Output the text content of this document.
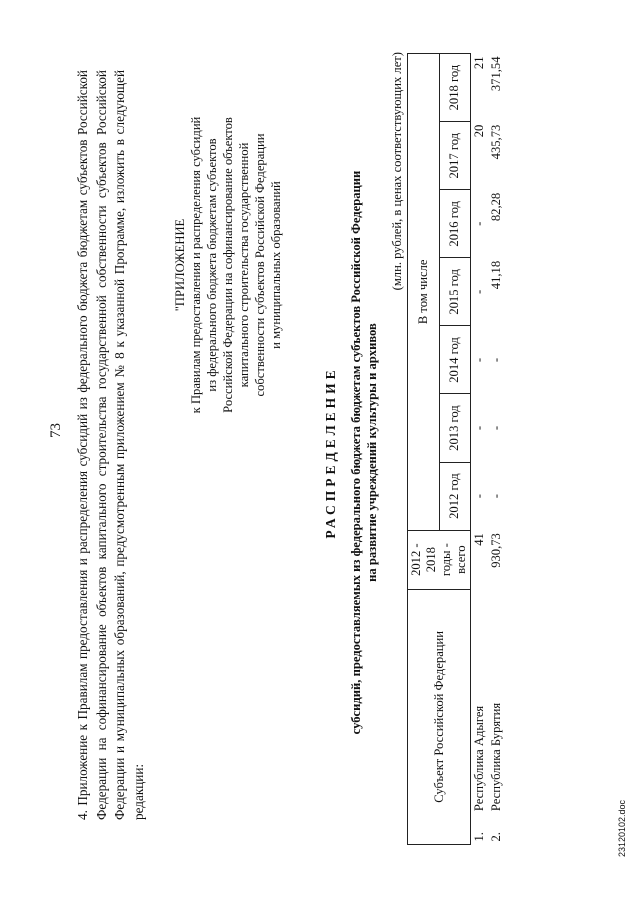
73 4. Приложение к Правилам предоставления и распределения субсидий из федерального бюджета бюджетам субъектов Российской Федерации на софинансирование объектов капитального строительства государственной собственности субъектов Российской Федерации и муниципальных образований, предусмотренным приложением № 8 к указанной Программе, изложить в следующей редакции:
"ПРИЛОЖЕНИЕ к Правилам предоставления и распределения субсидий из федерального бюджета бюджетам субъектов Российской Федерации на софинансирование объектов капитального строительства государственной собственности субъектов Российской Федерации и муниципальных образований
РАСПРЕДЕЛЕНИЕ субсидий, предоставляемых из федерального бюджета бюджетам субъектов Российской Федерации на развитие учреждений культуры и архивов
(млн. рублей, в ценах соответствующих лет)
Субъект Российской Федерации		2012 - 2018 годы - всего	В том числе						
			2012 год	2013 год	2014 год	2015 год	2016 год	2017 год	2018 год
1.	Республика Адыгея	41	-	-	-	-	-	20	21
2.	Республика Бурятия	930,73	-	-	-	41,18	82,28	435,73	371,54
23120102.doc
